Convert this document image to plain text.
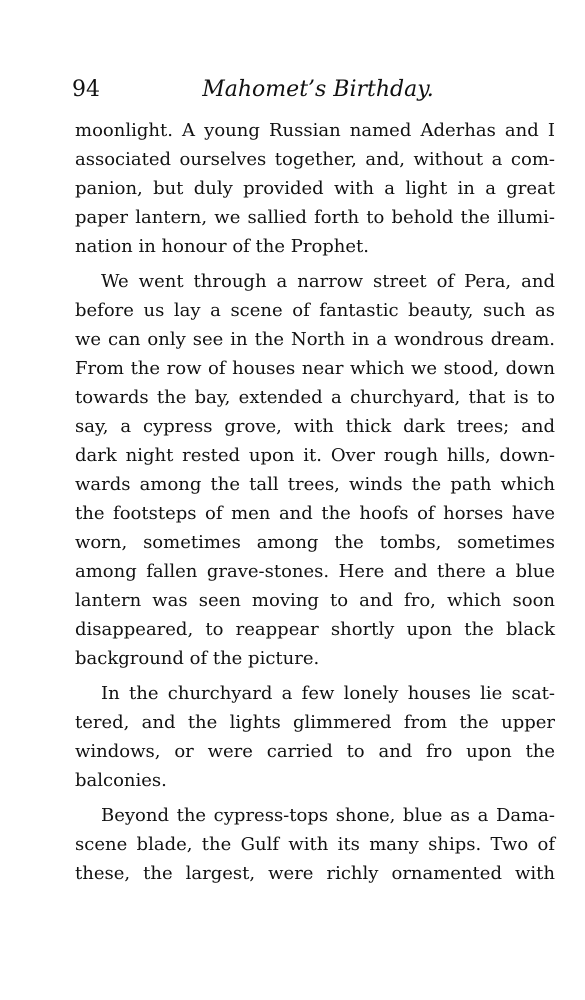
94	Mahomet’s Birthday.
moonlight. A young Russian named Aderhas and I
associated ourselves together, and, without a com-
panion, but duly provided with a light in a great
paper lantern, we sallied forth to behold the illumi-
nation in honour of the Prophet.
We went through a narrow street of Pera, and
before us lay a scene of fantastic beauty, such as
we can only see in the North in a wondrous dream.
From the row of houses near which we stood, down
towards the bay, extended a churchyard, that is to
say, a cypress grove, with thick dark trees; and
dark night rested upon it. Over rough hills, down-
wards among the tall trees, winds the path which
the footsteps of men and the hoofs of horses have
worn, sometimes among the tombs, sometimes
among fallen grave-stones. Here and there a blue
lantern was seen moving to and fro, which soon
disappeared, to reappear shortly upon the black
background of the picture.
In the churchyard a few lonely houses lie scat-
tered, and the lights glimmered from the upper
windows, or were carried to and fro upon the
balconies.
Beyond the cypress-tops shone, blue as a Dama-
scene blade, the Gulf with its many ships. Two of
these, the largest, were richly ornamented with
